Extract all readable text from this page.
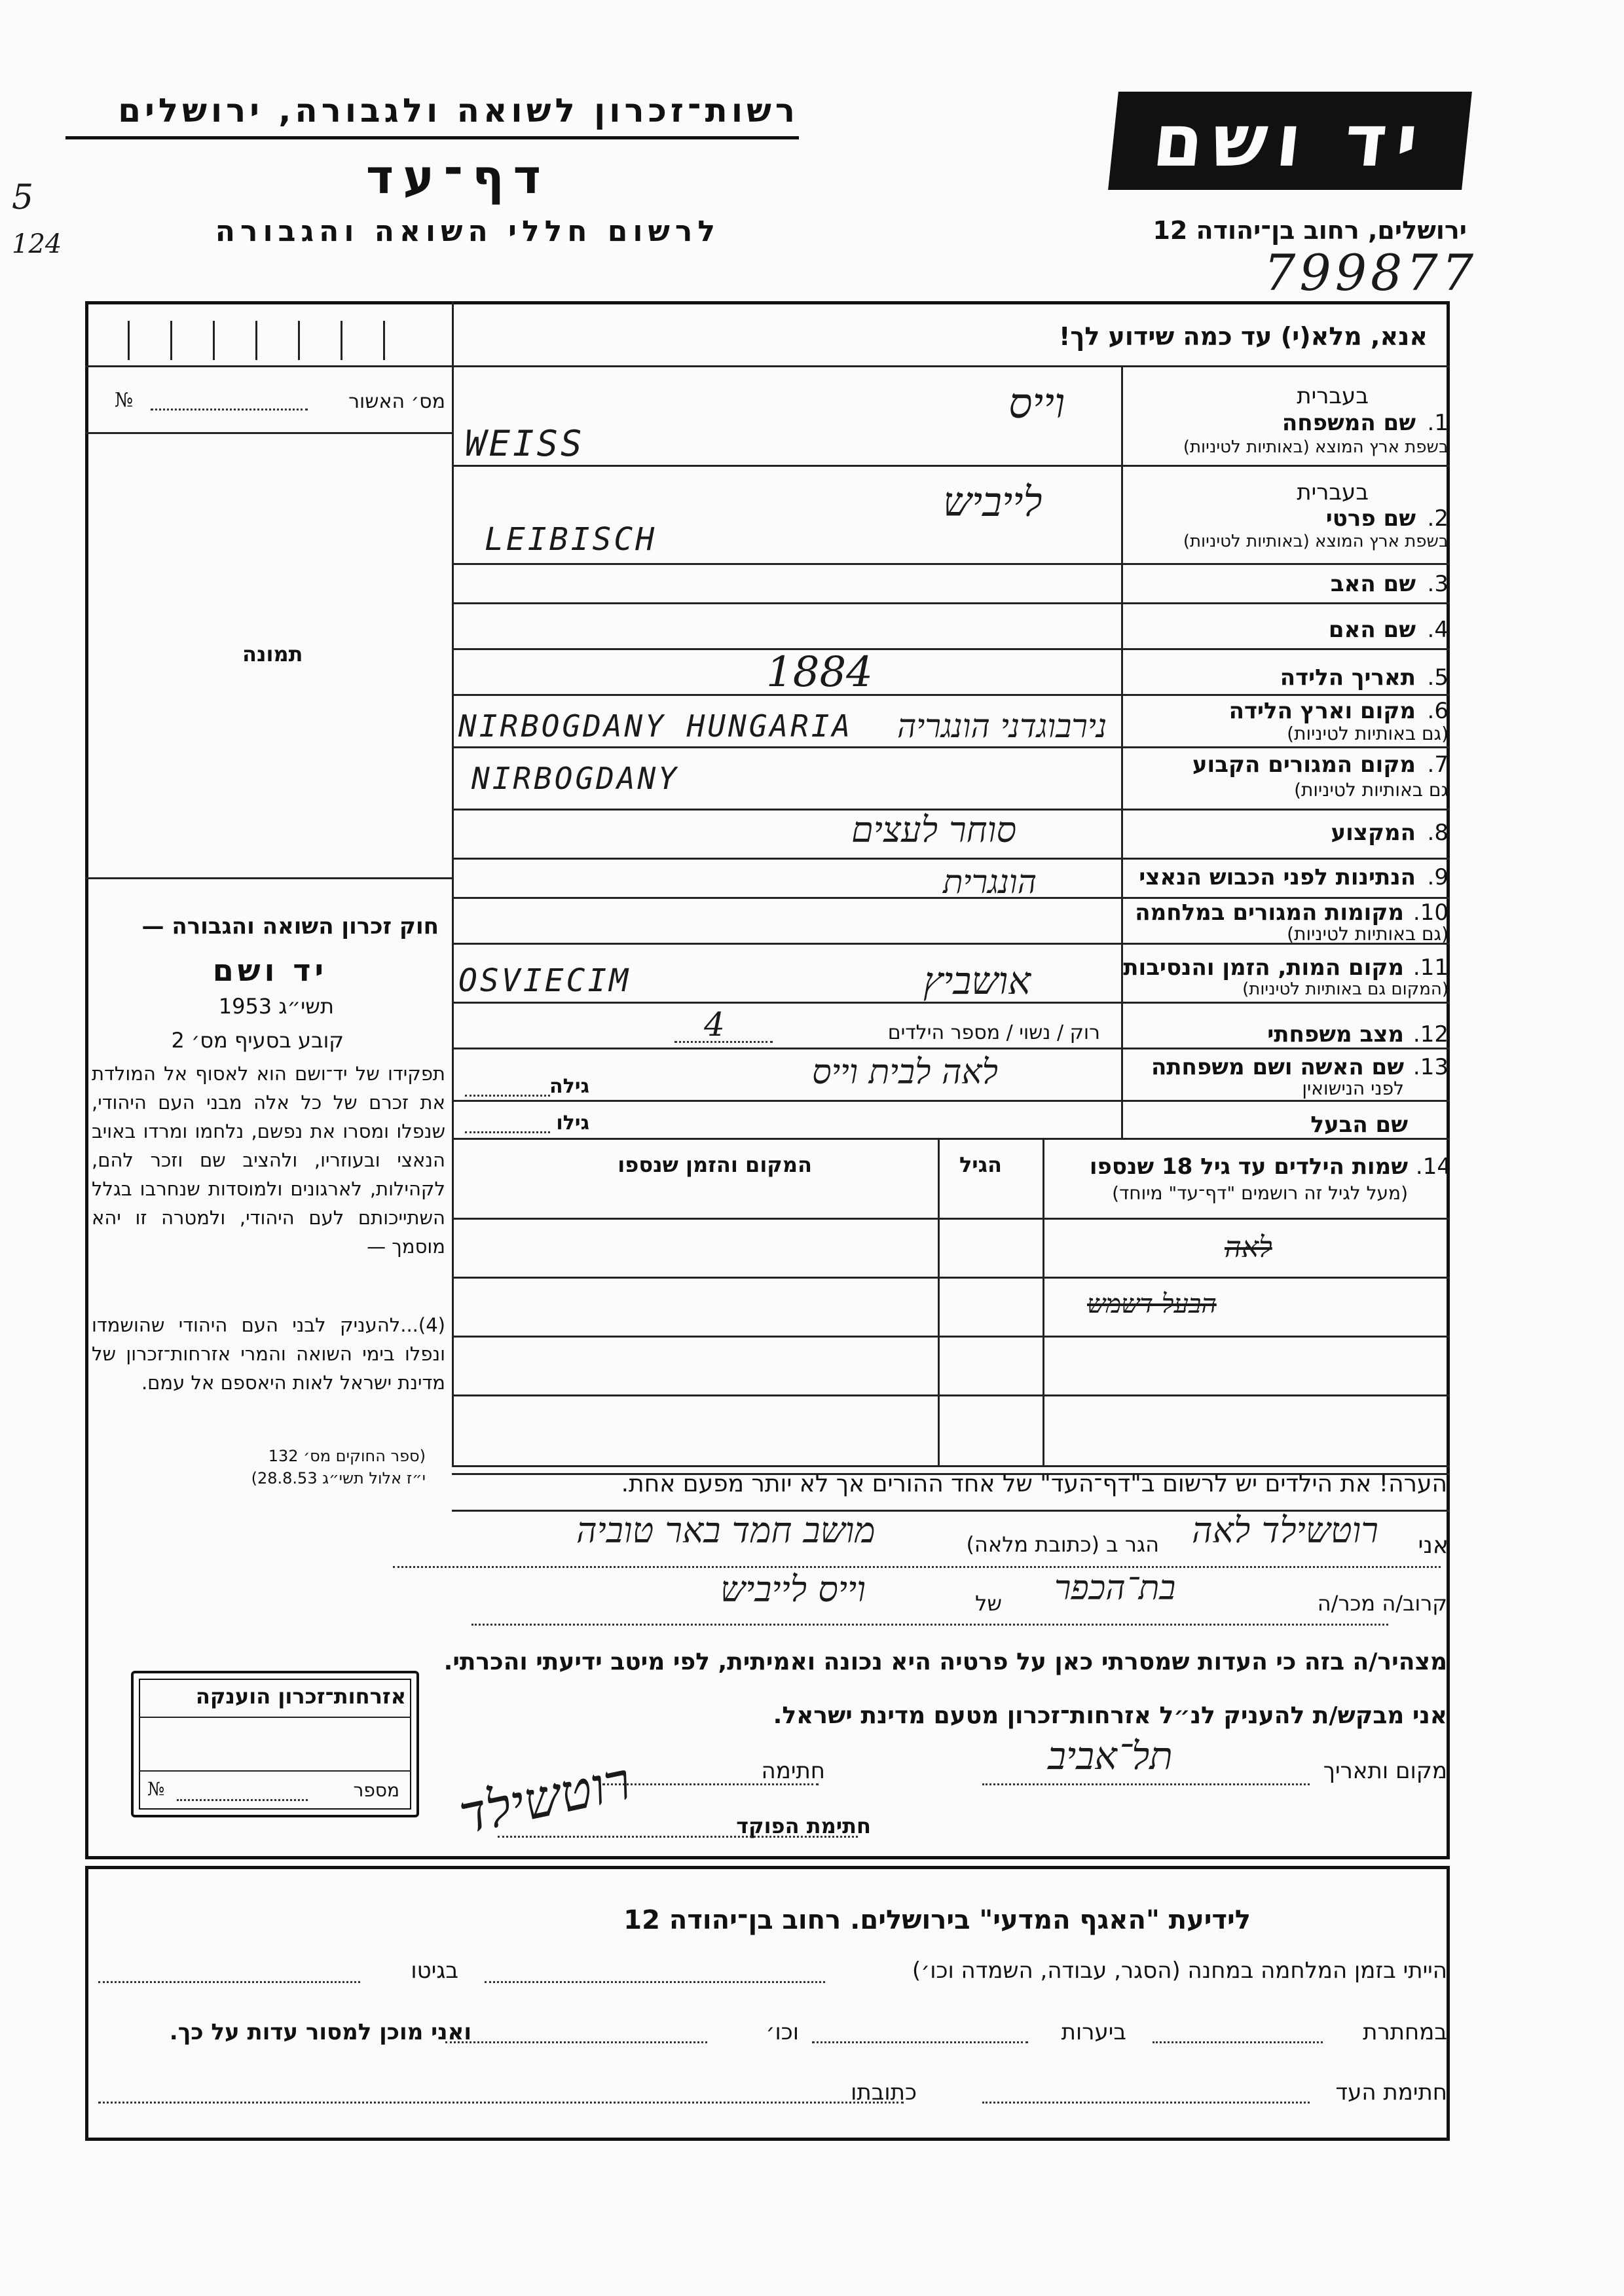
רשות־זכרון לשואה ולגבורה, ירושלים
דף־עד
לרשום חללי השואה והגבורה
יד ושם
ירושלים, רחוב בן־יהודה 12
799877
5
124
אנא, מלא(י) עד כמה שידוע לך!
מס׳ האשור
№
תמונה
בעברית
1.
שם המשפחה
בשפת ארץ המוצא (באותיות לטיניות)
וייס
WEISS
בעברית
2.
שם פרטי
בשפת ארץ המוצא (באותיות לטיניות)
לייביש
LEIBISCH
3.
שם האב
4.
שם האם
5.
תאריך הלידה
1884
6.
מקום וארץ הלידה
(גם באותיות לטיניות)
NIRBOGDANY HUNGARIA נירבוגדני הונגריה
7.
מקום המגורים הקבוע
גם באותיות לטיניות)
NIRBOGDANY
8.
המקצוע
סוחר לעצים
9.
הנתינות לפני הכבוש הנאצי
הונגרית
10.
מקומות המגורים במלחמה
(גם באותיות לטיניות)
11.
מקום המות, הזמן והנסיבות
(המקום גם באותיות לטיניות)
OSVIECIM	אושביץ
12.
מצב משפחתי
רוק / נשוי / מספר הילדים
4
13.
שם האשה ושם משפחתה
לפני הנישואין
לאה לבית וייס
גילה
שם הבעל
גילו
14.
שמות הילדים עד גיל 18 שנספו
(מעל לגיל זה רושמים "דף־עד" מיוחד)
הגיל
המקום והזמן שנספו
לאה
הבעל דשמש
הערה! את הילדים יש לרשום ב"דף־העד" של אחד ההורים אך לא יותר מפעם אחת.
חוק זכרון השואה והגבורה —
יד ושם
תשי״ג 1953
קובע בסעיף מס׳ 2
תפקידו של יד־ושם הוא לאסוף אל המולדת את זכרם של כל אלה מבני העם היהודי, שנפלו ומסרו את נפשם, נלחמו ומרדו באויב הנאצי ובעוזריו, ולהציב שם וזכר להם, לקהילות, לארגונים ולמוסדות שנחרבו בגלל השתייכותם לעם היהודי, ולמטרה זו יהא מוסמך —
(4)...להעניק לבני העם היהודי שהושמדו ונפלו בימי השואה והמרי אזרחות־זכרון של מדינת ישראל לאות היאספם אל עמם.
(ספר החוקים מס׳ 132
י״ז אלול תשי״ג 28.8.53)
אני
רוטשילד לאה
הגר ב (כתובת מלאה)
מושב חמד באר טוביה
קרוב/ה מכר/ה
בת־הכפר
של
וייס לייביש
מצהיר/ה בזה כי העדות שמסרתי כאן על פרטיה היא נכונה ואמיתית, לפי מיטב ידיעתי והכרתי.
אני מבקש/ת להעניק לנ״ל אזרחות־זכרון מטעם מדינת ישראל.
מקום ותאריך
תל־אביב
חתימה
רוטשילד	חתימת הפוקד
אזרחות־זכרון הוענקה
מספר
№
לידיעת "האגף המדעי" בירושלים. רחוב בן־יהודה 12
הייתי בזמן המלחמה במחנה (הסגר, עבודה, השמדה וכו׳)
בגיטו
במחתרת
ביערות
וכו׳
ואני מוכן למסור עדות על כך.
חתימת העד
כתובתו
